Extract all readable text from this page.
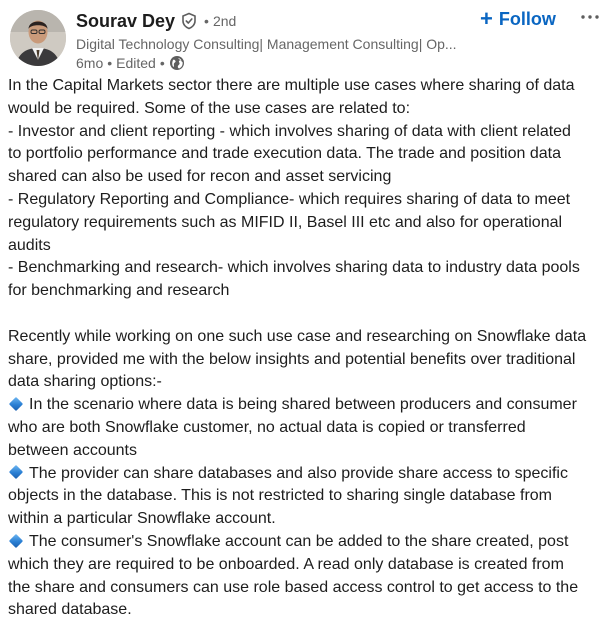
Sourav Dey • 2nd
Digital Technology Consulting| Management Consulting| Op...
6mo • Edited •
+ Follow
In the Capital Markets sector there are multiple use cases where sharing of data
would be required. Some of the use cases are related to:
- Investor and client reporting - which involves sharing of data with client related
to portfolio performance and trade execution data. The trade and position data
shared can also be used for recon and asset servicing
- Regulatory Reporting and Compliance- which requires sharing of data to meet
regulatory requirements such as MIFID II, Basel III etc and also for operational
audits
- Benchmarking and research- which involves sharing data to industry data pools
for benchmarking and research
Recently while working on one such use case and researching on Snowflake data
share, provided me with the below insights and potential benefits over traditional
data sharing options:-
In the scenario where data is being shared between producers and consumer
who are both Snowflake customer, no actual data is copied or transferred
between accounts
The provider can share databases and also provide share access to specific
objects in the database. This is not restricted to sharing single database from
within a particular Snowflake account.
The consumer's Snowflake account can be added to the share created, post
which they are required to be onboarded. A read only database is created from
the share and consumers can use role based access control to get access to the
shared database.
